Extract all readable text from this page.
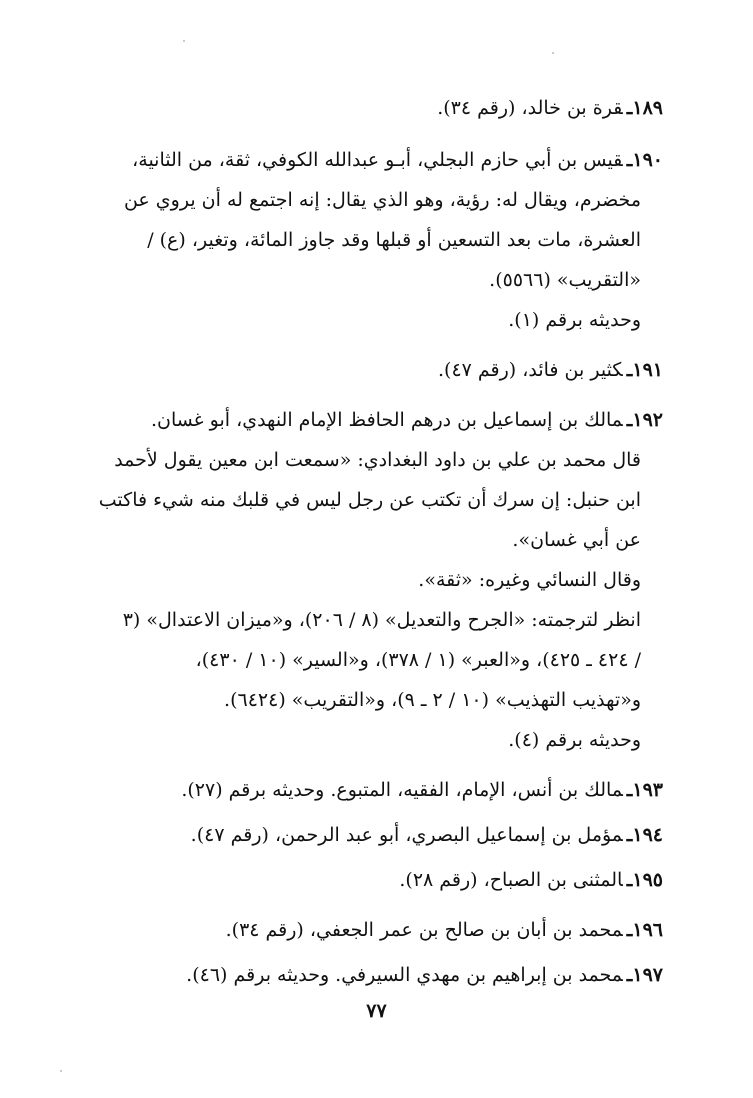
١٨٩ـقرة بن خالد، (رقم ٣٤).
١٩٠ـقيس بن أبي حازم البجلي، أبـو عبدالله الكوفي، ثقة، من الثانية،
مخضرم، ويقال له: رؤية، وهو الذي يقال: إنه اجتمع له أن يروي عن
العشرة، مات بعد التسعين أو قبلها وقد جاوز المائة، وتغير، (ع) /
«التقريب» (٥٥٦٦).
وحديثه برقم (١).
١٩١ـكثير بن فائد، (رقم ٤٧).
١٩٢ـمالك بن إسماعيل بن درهم الحافظ الإمام النهدي، أبو غسان.
قال محمد بن علي بن داود البغدادي: «سمعت ابن معين يقول لأحمد
ابن حنبل: إن سرك أن تكتب عن رجل ليس في قلبك منه شيء فاكتب
عن أبي غسان».
وقال النسائي وغيره: «ثقة».
انظر لترجمته: «الجرح والتعديل» (٨ / ٢٠٦)، و«ميزان الاعتدال» (٣
/ ٤٢٤ ـ ٤٢٥)، و«العبر» (١ / ٣٧٨)، و«السير» (١٠ / ٤٣٠)،
و«تهذيب التهذيب» (١٠ / ٢ ـ ٩)، و«التقريب» (٦٤٢٤).
وحديثه برقم (٤).
١٩٣ـمالك بن أنس، الإمام، الفقيه، المتبوع. وحديثه برقم (٢٧).
١٩٤ـمؤمل بن إسماعيل البصري، أبو عبد الرحمن، (رقم ٤٧).
١٩٥ـالمثنى بن الصباح، (رقم ٢٨).
١٩٦ـمحمد بن أبان بن صالح بن عمر الجعفي، (رقم ٣٤).
١٩٧ـمحمد بن إبراهيم بن مهدي السيرفي. وحديثه برقم (٤٦).
٧٧
